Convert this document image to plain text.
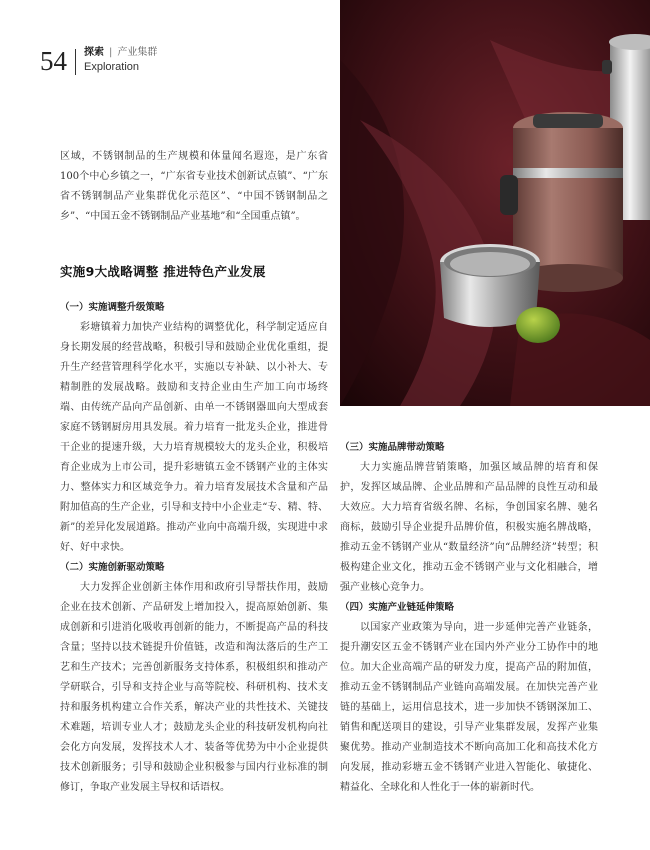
54 探索 | 产业集群
Exploration

区域，不锈钢制品的生产规模和体量闻名遐迩，是广东省100个中心乡镇之一，“广东省专业技术创新试点镇”、“广东省不锈钢制品产业集群优化示范区”、“中国不锈钢制品之乡”、“中国五金不锈钢制品产业基地”和“全国重点镇”。

实施9大战略调整 推进特色产业发展
（一）实施调整升级策略

彩塘镇着力加快产业结构的调整优化，科学制定适应自身长期发展的经营战略，积极引导和鼓励企业优化重组，提升生产经营管理科学化水平，实施以专补缺、以小补大、专精制胜的发展战略。鼓励和支持企业由生产加工向市场终端、由传统产品向产品创新、由单一不锈钢器皿向大型成套家庭不锈钢厨房用具发展。着力培育一批龙头企业，推进骨干企业的提速升级，大力培育规模较大的龙头企业，积极培育企业成为上市公司，提升彩塘镇五金不锈钢产业的主体实力、整体实力和区域竞争力。着力培育发展技术含量和产品附加值高的生产企业，引导和支持中小企业走“专、精、特、新”的差异化发展道路。推动产业向中高端升级，实现进中求好、好中求快。

（二）实施创新驱动策略

大力发挥企业创新主体作用和政府引导帮扶作用，鼓励企业在技术创新、产品研发上增加投入，提高原始创新、集成创新和引进消化吸收再创新的能力，不断提高产品的科技含量；坚持以技术链提升价值链，改造和淘汰落后的生产工艺和生产技术；完善创新服务支持体系，积极组织和推动产学研联合，引导和支持企业与高等院校、科研机构、技术支持和服务机构建立合作关系，解决产业的共性技术、关键技术难题，培训专业人才；鼓励龙头企业的科技研发机构向社会化方向发展，发挥技术人才、装备等优势为中小企业提供技术创新服务；引导和鼓励企业积极参与国内行业标准的制修订，争取产业发展主导权和话语权。

（三）实施品牌带动策略

大力实施品牌营销策略，加强区域品牌的培育和保护，发挥区域品牌、企业品牌和产品品牌的良性互动和最大效应。大力培育省级名牌、名标，争创国家名牌、驰名商标，鼓励引导企业提升品牌价值，积极实施名牌战略，推动五金不锈钢产业从“数量经济”向“品牌经济”转型；积极构建企业文化，推动五金不锈钢产业与文化相融合，增强产业核心竞争力。

（四）实施产业链延伸策略

以国家产业政策为导向，进一步延伸完善产业链条，提升潮安区五金不锈钢产业在国内外产业分工协作中的地位。加大企业高端产品的研发力度，提高产品的附加值，推动五金不锈钢制品产业链向高端发展。在加快完善产业链的基础上，运用信息技术，进一步加快不锈钢深加工、销售和配送项目的建设，引导产业集群发展，发挥产业集聚优势。推动产业制造技术不断向高加工化和高技术化方向发展，推动彩塘五金不锈钢产业进入智能化、敏捷化、精益化、全球化和人性化于一体的崭新时代。
